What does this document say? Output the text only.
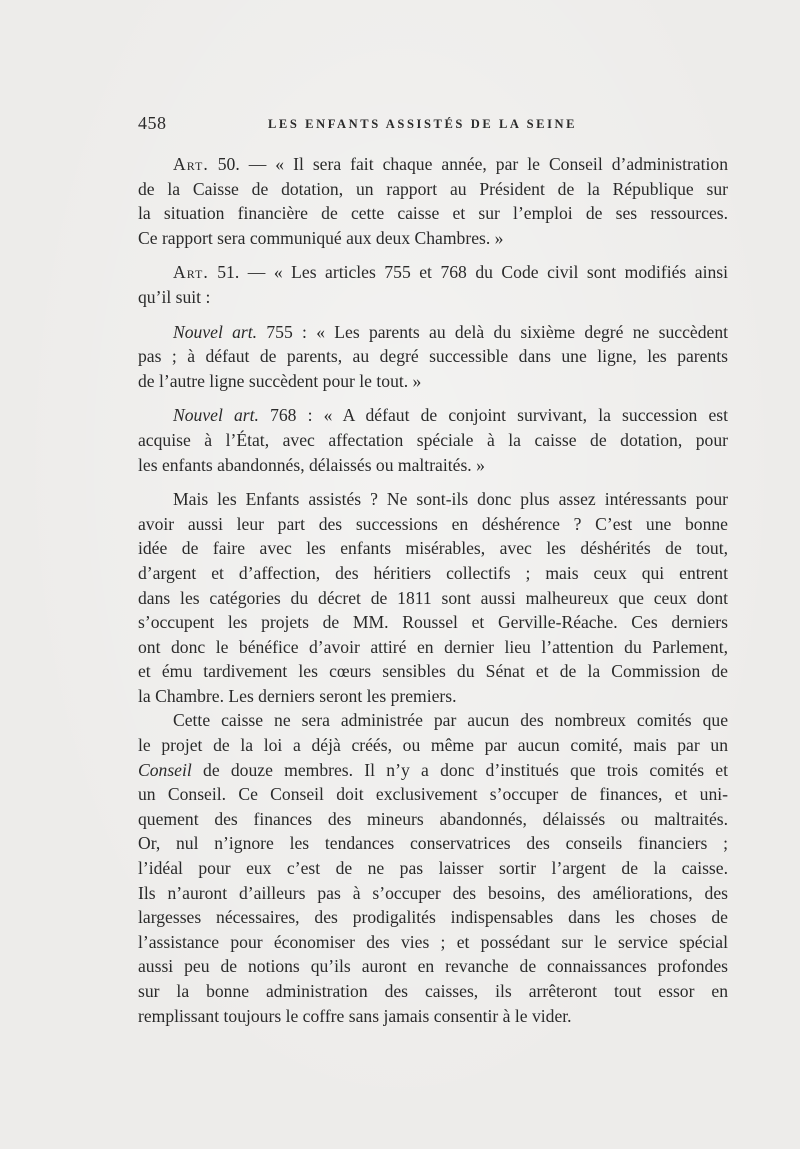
458	LES ENFANTS ASSISTÉS DE LA SEINE
Art. 50. — « Il sera fait chaque année, par le Conseil d’administration
de la Caisse de dotation, un rapport au Président de la République sur
la situation financière de cette caisse et sur l’emploi de ses ressources.
Ce rapport sera communiqué aux deux Chambres. »
Art. 51. — « Les articles 755 et 768 du Code civil sont modifiés ainsi
qu’il suit :
Nouvel art. 755 : « Les parents au delà du sixième degré ne succèdent
pas ; à défaut de parents, au degré successible dans une ligne, les parents
de l’autre ligne succèdent pour le tout. »
Nouvel art. 768 : « A défaut de conjoint survivant, la succession est
acquise à l’État, avec affectation spéciale à la caisse de dotation, pour
les enfants abandonnés, délaissés ou maltraités. »
Mais les Enfants assistés ? Ne sont-ils donc plus assez intéressants pour
avoir aussi leur part des successions en déshérence ? C’est une bonne
idée de faire avec les enfants misérables, avec les déshérités de tout,
d’argent et d’affection, des héritiers collectifs ; mais ceux qui entrent
dans les catégories du décret de 1811 sont aussi malheureux que ceux dont
s’occupent les projets de MM. Roussel et Gerville-Réache. Ces derniers
ont donc le bénéfice d’avoir attiré en dernier lieu l’attention du Parlement,
et ému tardivement les cœurs sensibles du Sénat et de la Commission de
la Chambre. Les derniers seront les premiers.
Cette caisse ne sera administrée par aucun des nombreux comités que
le projet de la loi a déjà créés, ou même par aucun comité, mais par un
Conseil de douze membres. Il n’y a donc d’institués que trois comités et
un Conseil. Ce Conseil doit exclusivement s’occuper de finances, et uni-
quement des finances des mineurs abandonnés, délaissés ou maltraités.
Or, nul n’ignore les tendances conservatrices des conseils financiers ;
l’idéal pour eux c’est de ne pas laisser sortir l’argent de la caisse.
Ils n’auront d’ailleurs pas à s’occuper des besoins, des améliorations, des
largesses nécessaires, des prodigalités indispensables dans les choses de
l’assistance pour économiser des vies ; et possédant sur le service spécial
aussi peu de notions qu’ils auront en revanche de connaissances profondes
sur la bonne administration des caisses, ils arrêteront tout essor en
remplissant toujours le coffre sans jamais consentir à le vider.
